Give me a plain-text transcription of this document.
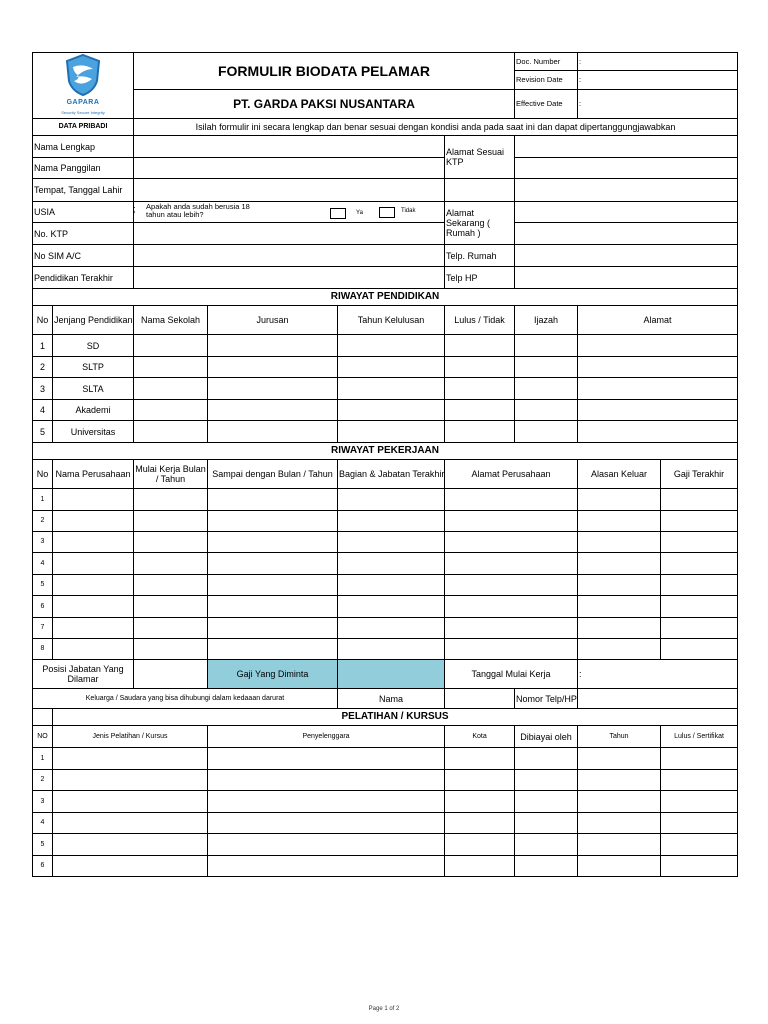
GAPARA
Security Secure Integrity		FORMULIR BIODATA PELAMAR				Doc. Number	:	
						Revision Date	:	
		PT. GARDA PAKSI NUSANTARA				Effective Date	:	
DATA PRIBADI		Isilah formulir ini secara lengkap dan benar sesuai dengan kondisi anda pada saat ini dan dapat dipertanggungjawabkan						
Nama Lengkap					Alamat Sesuai KTP			
Nama Panggilan								
Tempat, Tanggal Lahir								
USIA ;		Apakah anda sudah berusia 18 tahun atau lebih? Ya Tidak			Alamat Sekarang ( Rumah )			
No. KTP								
No SIM A/C					Telp. Rumah			
Pendidikan Terakhir					Telp HP			
RIWAYAT PENDIDIKAN								
No	Jenjang Pendidikan	Nama Sekolah	Jurusan	Tahun Kelulusan	Lulus / Tidak	Ijazah	Alamat	
1	SD							
2	SLTP							
3	SLTA							
4	Akademi							
5	Universitas							
RIWAYAT PEKERJAAN								
No	Nama Perusahaan	Mulai Kerja Bulan / Tahun	Sampai dengan Bulan / Tahun	Bagian & Jabatan Terakhir	Alamat Perusahaan		Alasan Keluar	Gaji Terakhir
1								
2								
3								
4								
5								
6								
7								
8								
Posisi Jabatan Yang Dilamar			Gaji Yang Diminta		Tanggal Mulai Kerja		:	
Keluarga / Saudara yang bisa dihubungi dalam kedaaan darurat				Nama		Nomor Telp/HP		
	PELATIHAN / KURSUS							
NO	Jenis Pelatihan / Kursus		Penyelenggara		Kota	Dibiayai oleh	Tahun	Lulus / Sertifikat
1								
2								
3								
4								
5								
6								
Page 1 of 2
